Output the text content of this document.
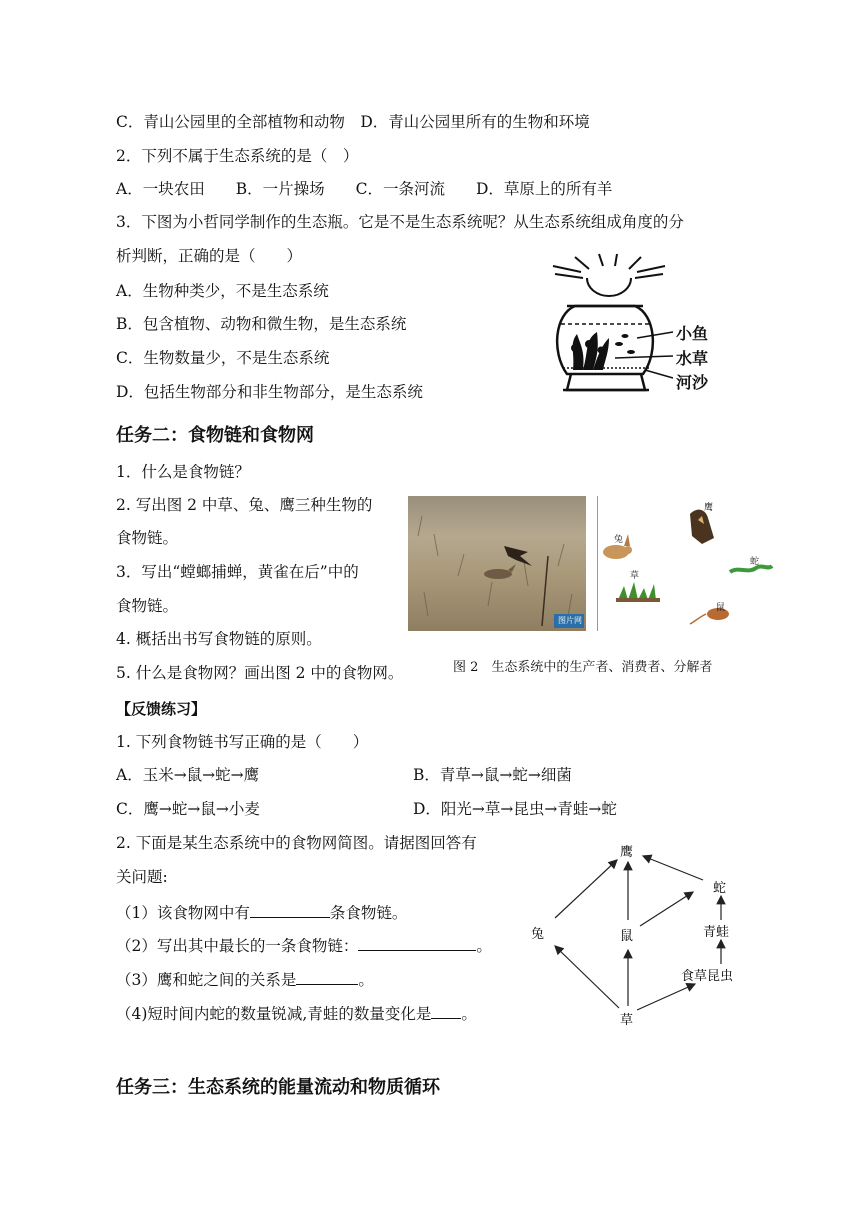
C．青山公园里的全部植物和动物　D．青山公园里所有的生物和环境
2．下列不属于生态系统的是（　）
A．一块农田　　B．一片操场　　C．一条河流　　D．草原上的所有羊
3．下图为小哲同学制作的生态瓶。它是不是生态系统呢？从生态系统组成角度的分
析判断，正确的是（　　）
A．生物种类少，不是生态系统
B．包含植物、动物和微生物，是生态系统
C．生物数量少，不是生态系统
D．包括生物部分和非生物部分，是生态系统
小鱼
水草
河沙
任务二：食物链和食物网
1．什么是食物链？
2. 写出图 2 中草、兔、鹰三种生物的
食物链。
3．写出“螳螂捕蝉，黄雀在后”中的
食物链。
4. 概括出书写食物链的原则。
5. 什么是食物网？画出图 2 中的食物网。
图片网
鹰
兔
蛇
草
鼠
图 2　生态系统中的生产者、消费者、分解者
【反馈练习】
1. 下列食物链书写正确的是（　　）
A．玉米→鼠→蛇→鹰	B．青草→鼠→蛇→细菌
C．鹰→蛇→鼠→小麦	D．阳光→草→昆虫→青蛙→蛇
2. 下面是某生态系统中的食物网简图。请据图回答有
关问题:
（1）该食物网中有	条食物链。
（2）写出其中最长的一条食物链：	。
（3）鹰和蛇之间的关系是	。
（4)短时间内蛇的数量锐减,青蛙的数量变化是 。
鹰
蛇
兔	鼠	青蛙
食草昆虫
草
任务三：生态系统的能量流动和物质循环
